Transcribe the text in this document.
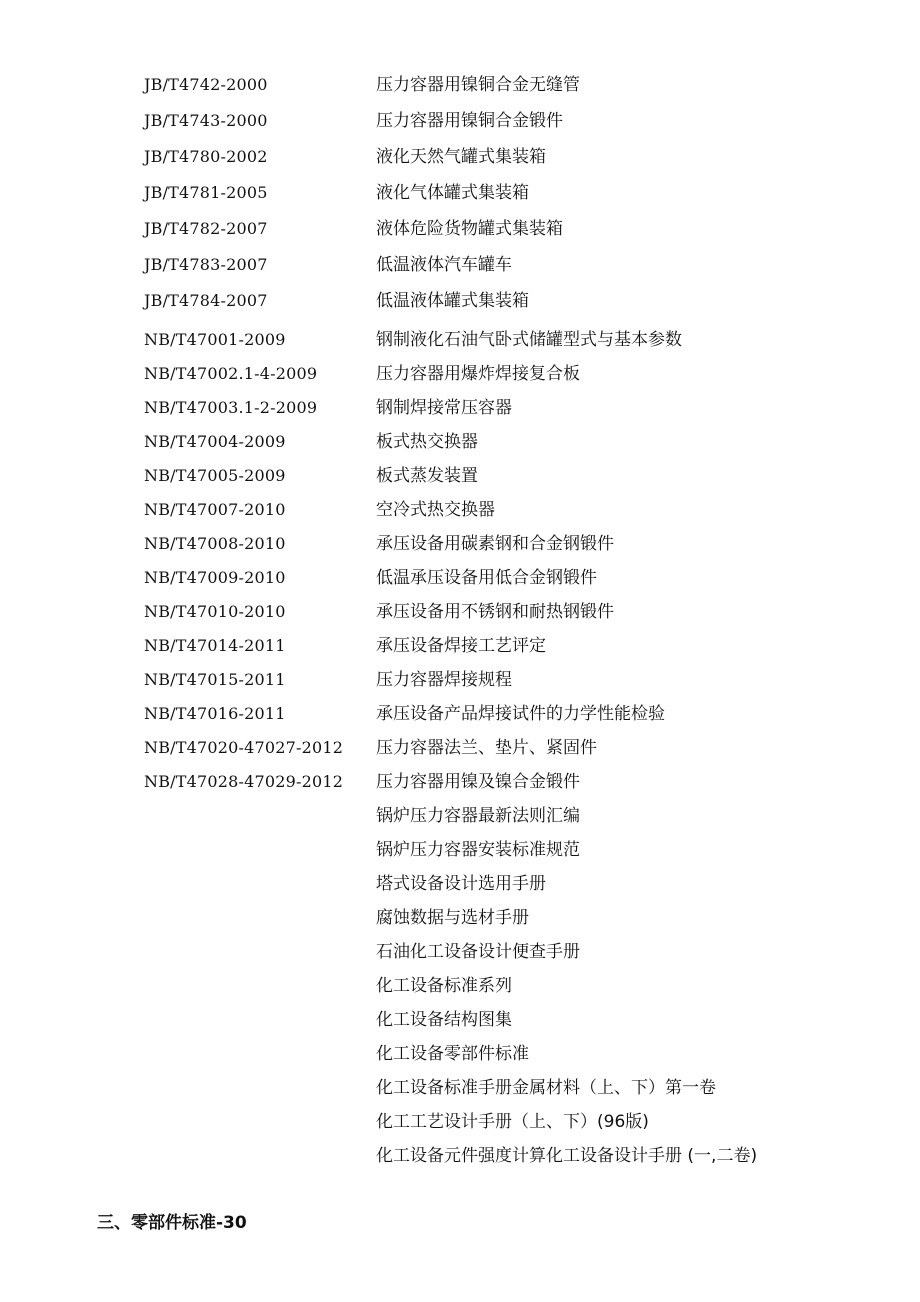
JB/T4742-2000	压力容器用镍铜合金无缝管
JB/T4743-2000	压力容器用镍铜合金锻件
JB/T4780-2002	液化天然气罐式集装箱
JB/T4781-2005	液化气体罐式集装箱
JB/T4782-2007	液体危险货物罐式集装箱
JB/T4783-2007	低温液体汽车罐车
JB/T4784-2007	低温液体罐式集装箱
NB/T47001-2009	钢制液化石油气卧式储罐型式与基本参数
NB/T47002.1-4-2009	压力容器用爆炸焊接复合板
NB/T47003.1-2-2009	钢制焊接常压容器
NB/T47004-2009	板式热交换器
NB/T47005-2009	板式蒸发装置
NB/T47007-2010	空冷式热交换器
NB/T47008-2010	承压设备用碳素钢和合金钢锻件
NB/T47009-2010	低温承压设备用低合金钢锻件
NB/T47010-2010	承压设备用不锈钢和耐热钢锻件
NB/T47014-2011	承压设备焊接工艺评定
NB/T47015-2011	压力容器焊接规程
NB/T47016-2011	承压设备产品焊接试件的力学性能检验
NB/T47020-47027-2012 压力容器法兰、垫片、紧固件
NB/T47028-47029-2012 压力容器用镍及镍合金锻件
锅炉压力容器最新法则汇编
锅炉压力容器安装标准规范
塔式设备设计选用手册
腐蚀数据与选材手册
石油化工设备设计便查手册
化工设备标准系列
化工设备结构图集
化工设备零部件标准
化工设备标准手册金属材料（上、下）第一卷
化工工艺设计手册（上、下）(96版)
化工设备元件强度计算化工设备设计手册 (一,二卷)
三、零部件标准-30
